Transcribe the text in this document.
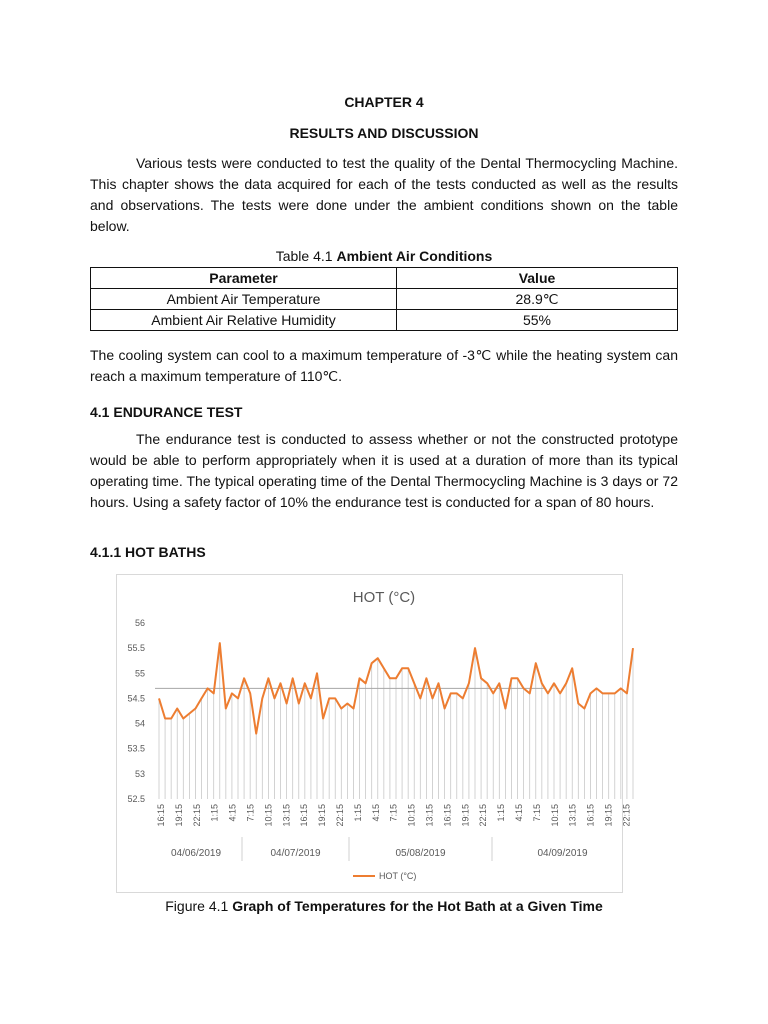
CHAPTER 4
RESULTS AND DISCUSSION

Various tests were conducted to test the quality of the Dental Thermocycling Machine. This chapter shows the data acquired for each of the tests conducted as well as the results and observations. The tests were done under the ambient conditions shown on the table below.

Table 4.1 Ambient Air Conditions
Parameter	Value
Ambient Air Temperature	28.9℃
Ambient Air Relative Humidity	55%

The cooling system can cool to a maximum temperature of -3℃ while the heating system can reach a maximum temperature of 110℃.

4.1 ENDURANCE TEST

The endurance test is conducted to assess whether or not the constructed prototype would be able to perform appropriately when it is used at a duration of more than its typical operating time. The typical operating time of the Dental Thermocycling Machine is 3 days or 72 hours. Using a safety factor of 10% the endurance test is conducted for a span of 80 hours.

4.1.1 HOT BATHS
HOT (°C)
52.5
53
53.5
54
54.5
55
55.5
56
16:15 19:15 22:15 1:15 4:15 7:15 10:15 13:15 16:15 19:15 22:15 1:15 4:15 7:15 10:15 13:15 16:15 19:15 22:15 1:15 4:15 7:15 10:15 13:15 16:15 19:15 22:15
04/06/2019	04/07/2019	05/08/2019	04/09/2019
HOT (°C)
Figure 4.1 Graph of Temperatures for the Hot Bath at a Given Time
